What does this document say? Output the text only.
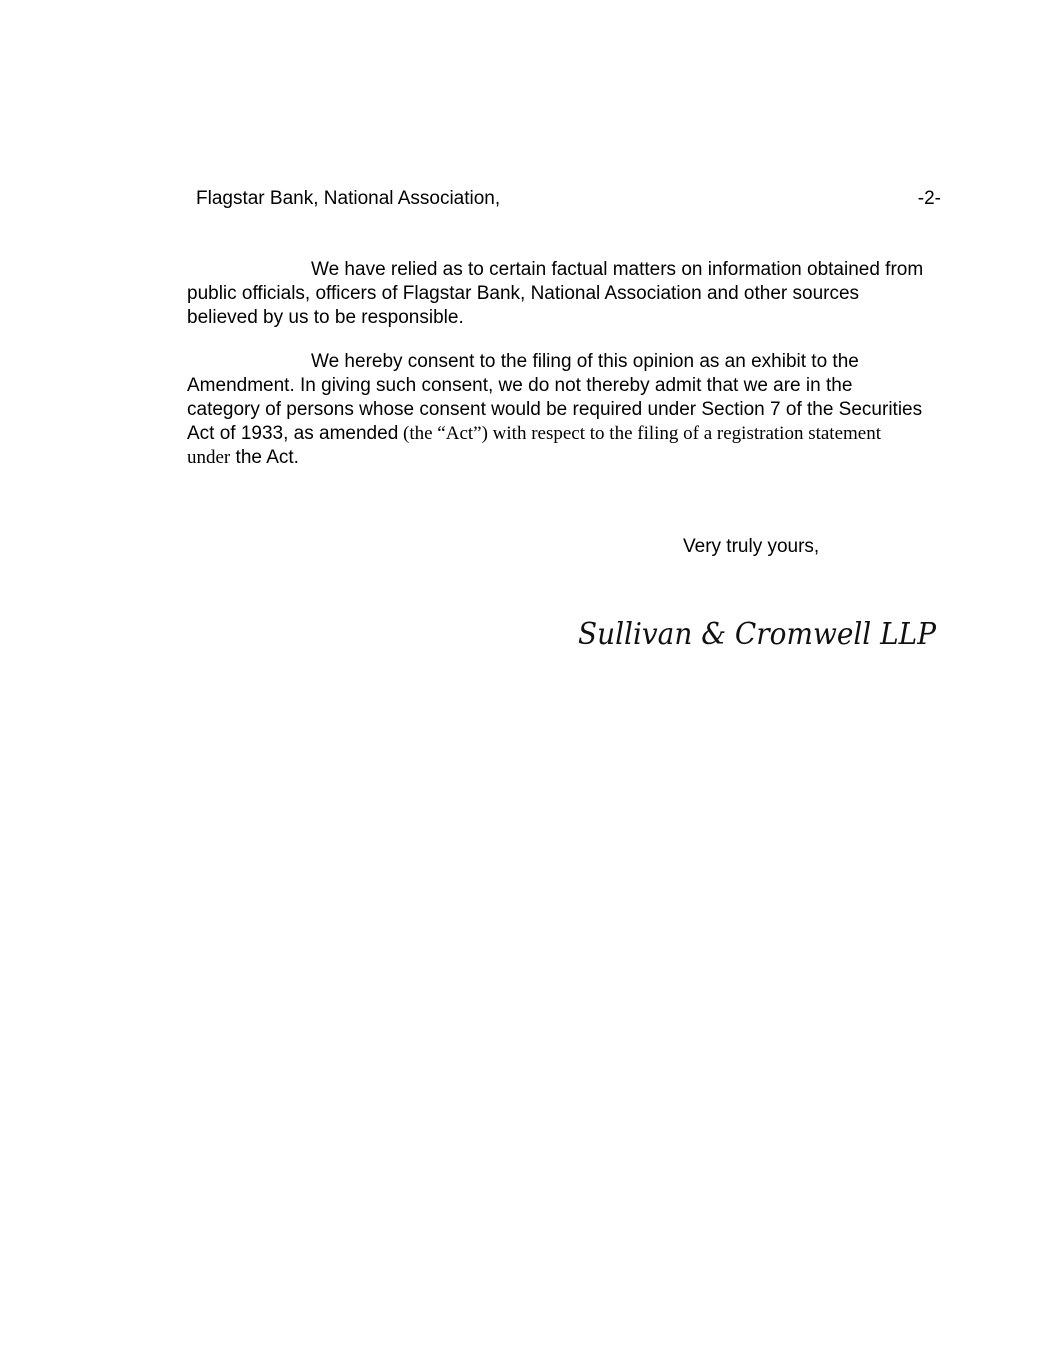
Flagstar Bank, National Association,	-2-

We have relied as to certain factual matters on information obtained from public officials, officers of Flagstar Bank, National Association and other sources believed by us to be responsible.

We hereby consent to the filing of this opinion as an exhibit to the Amendment. In giving such consent, we do not thereby admit that we are in the category of persons whose consent would be required under Section 7 of the Securities Act of 1933, as amended (the “Act”) with respect to the filing of a registration statement under the Act.

Very truly yours,
Sullivan & Cromwell LLP
